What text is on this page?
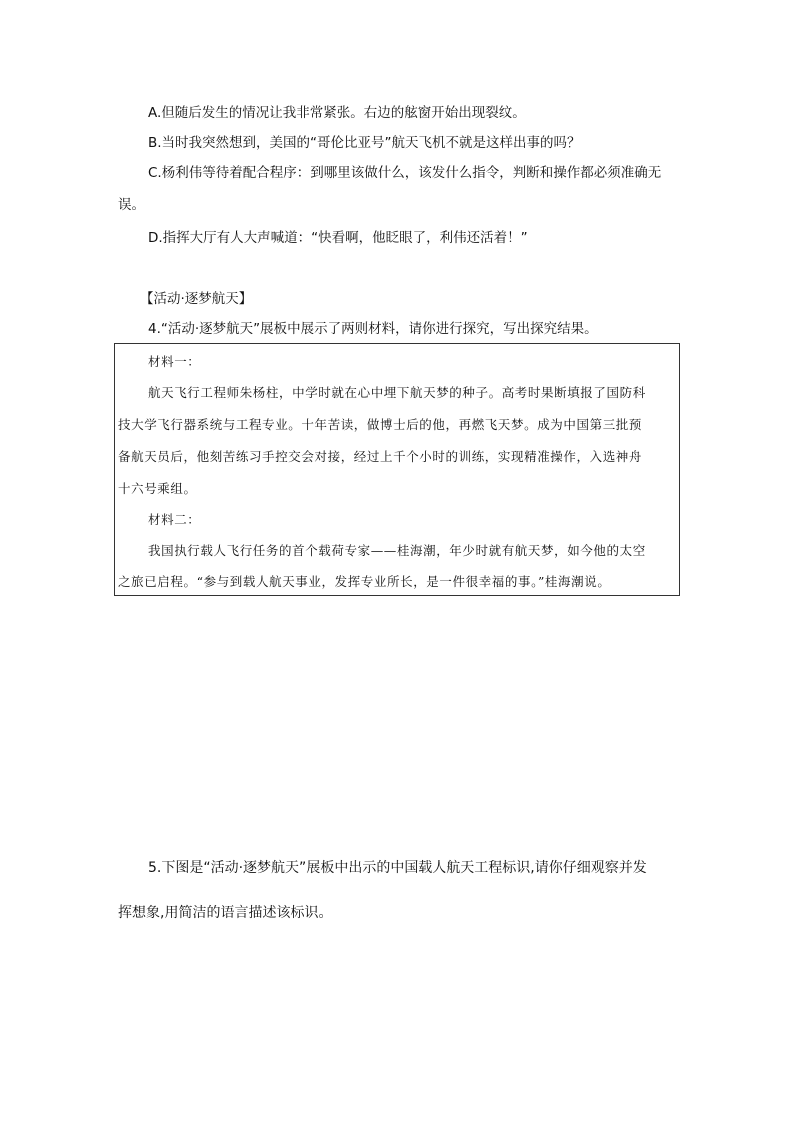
A.但随后发生的情况让我非常紧张。右边的舷窗开始出现裂纹。
B.当时我突然想到，美国的“哥伦比亚号”航天飞机不就是这样出事的吗？
C.杨利伟等待着配合程序：到哪里该做什么，该发什么指令，判断和操作都必须准确无
误。
D.指挥大厅有人大声喊道：“快看啊，他眨眼了，利伟还活着！”
【活动·逐梦航天】
4.“活动·逐梦航天”展板中展示了两则材料，请你进行探究，写出探究结果。
材料一：
航天飞行工程师朱杨柱，中学时就在心中埋下航天梦的种子。高考时果断填报了国防科
技大学飞行器系统与工程专业。十年苦读，做博士后的他，再燃飞天梦。成为中国第三批预
备航天员后，他刻苦练习手控交会对接，经过上千个小时的训练，实现精准操作，入选神舟
十六号乘组。
材料二：
我国执行载人飞行任务的首个载荷专家——桂海潮，年少时就有航天梦，如今他的太空
之旅已启程。“参与到载人航天事业，发挥专业所长，是一件很幸福的事。”桂海潮说。
5.下图是“活动·逐梦航天”展板中出示的中国载人航天工程标识,请你仔细观察并发
挥想象,用简洁的语言描述该标识。
